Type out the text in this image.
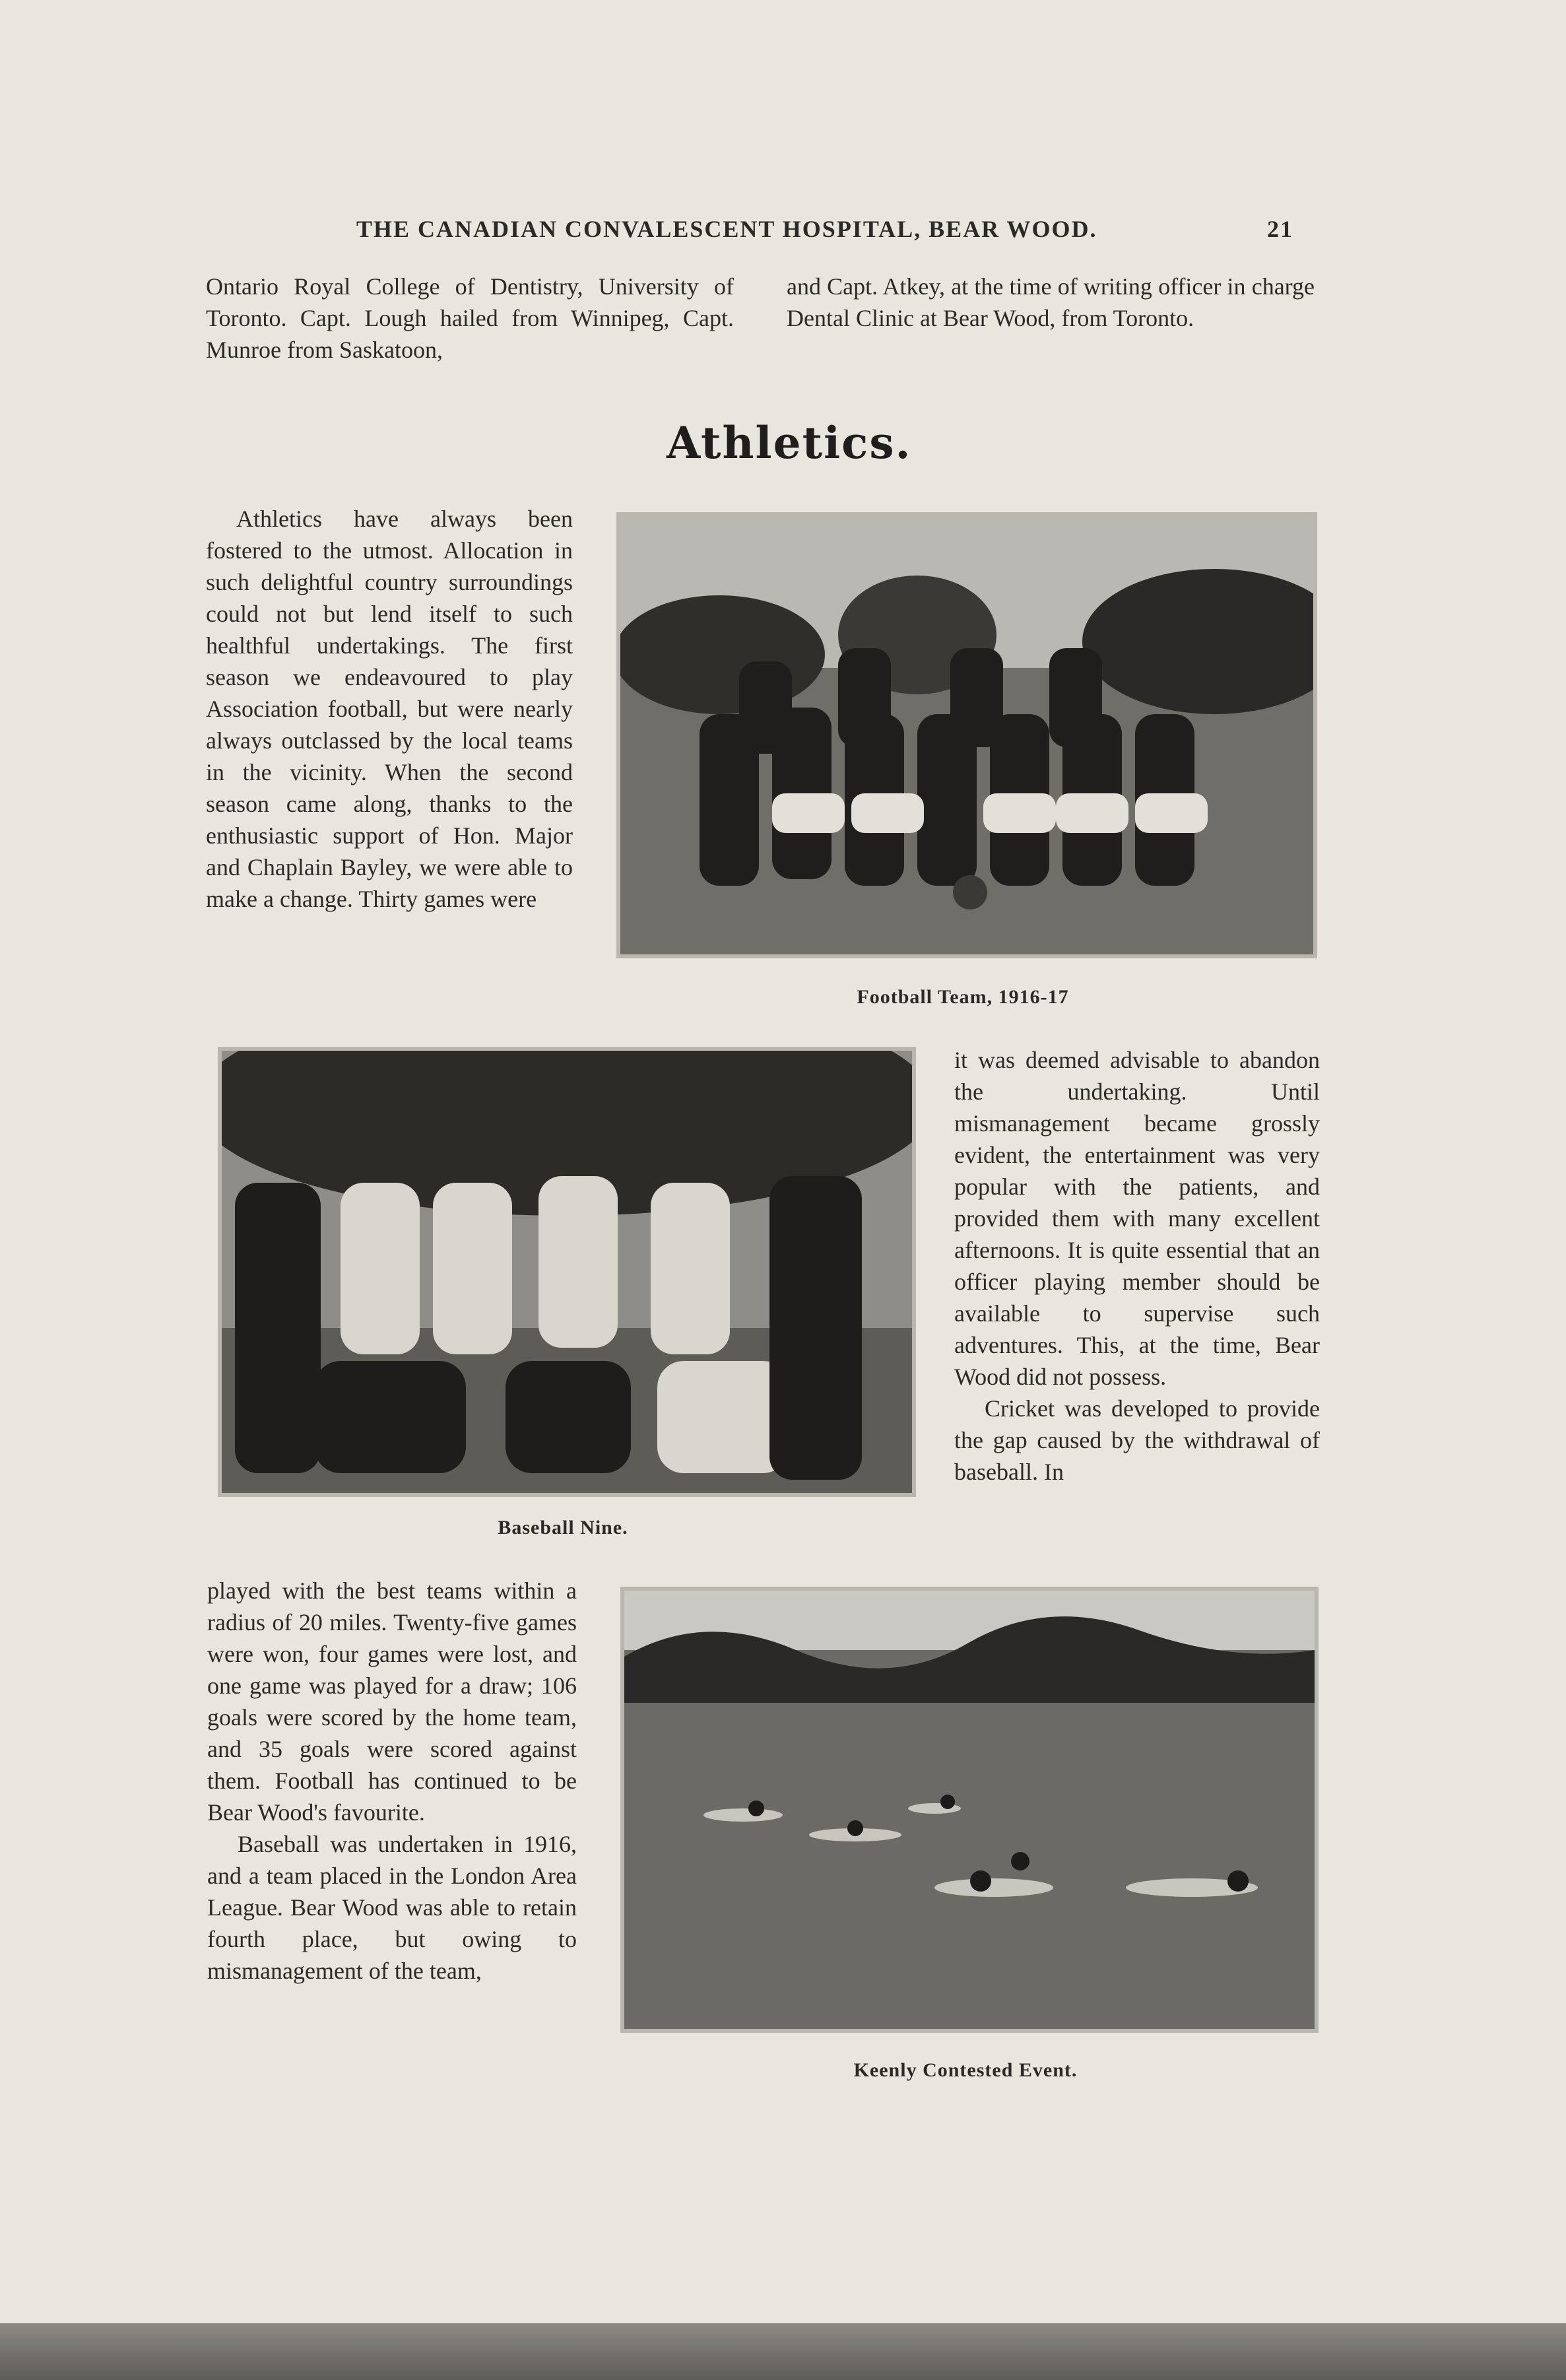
THE CANADIAN CONVALESCENT HOSPITAL, BEAR WOOD.	21

Ontario Royal College of Dentistry, University of Toronto. Capt. Lough hailed from Winnipeg, Capt. Munroe from Saskatoon,

and Capt. Atkey, at the time of writing officer in charge Dental Clinic at Bear Wood, from Toronto.

Athletics.

Athletics have always been fostered to the utmost. Allocation in such delightful country surroundings could not but lend itself to such healthful undertakings. The first season we endeavoured to play Association football, but were nearly always outclassed by the local teams in the vicinity. When the second season came along, thanks to the enthusiastic support of Hon. Major and Chaplain Bayley, we were able to make a change. Thirty games were

Football Team, 1916-17
Baseball Nine.

it was deemed advisable to abandon the undertaking. Until mismanagement became grossly evident, the entertainment was very popular with the patients, and provided them with many excellent afternoons. It is quite essential that an officer playing member should be available to supervise such adventures. This, at the time, Bear Wood did not possess.

Cricket was developed to provide the gap caused by the withdrawal of baseball. In

played with the best teams within a radius of 20 miles. Twenty-five games were won, four games were lost, and one game was played for a draw; 106 goals were scored by the home team, and 35 goals were scored against them. Football has continued to be Bear Wood's favourite.

Baseball was undertaken in 1916, and a team placed in the London Area League. Bear Wood was able to retain fourth place, but owing to mismanagement of the team,

Keenly Contested Event.
